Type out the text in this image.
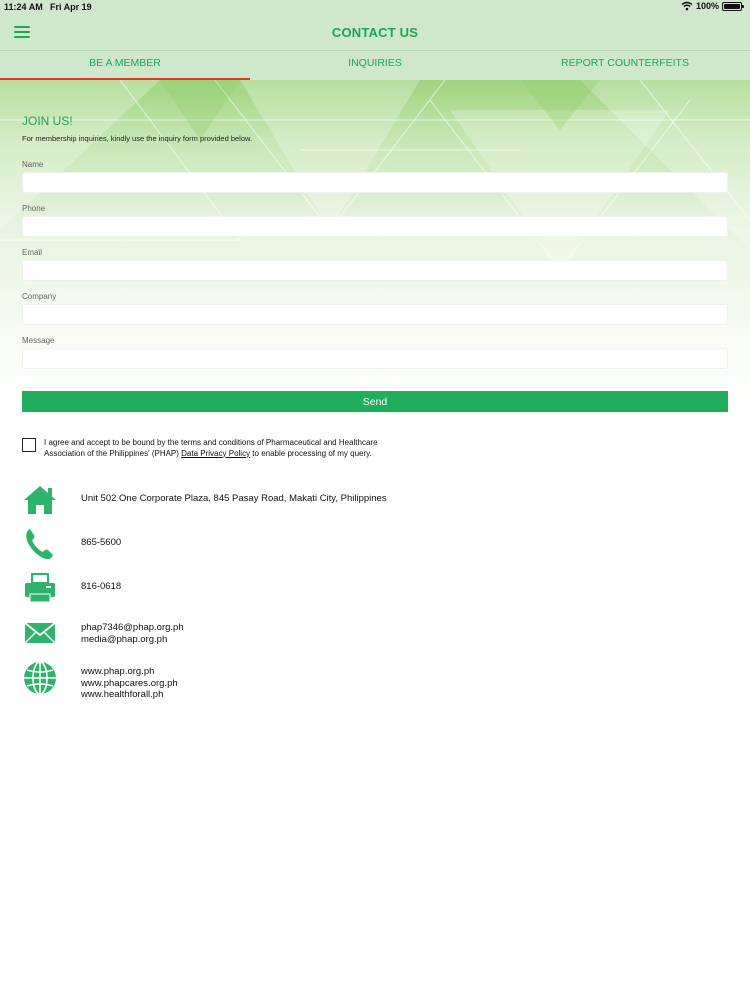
11:24 AM Fri Apr 19	100%
CONTACT US
BE A MEMBER	INQUIRIES	REPORT COUNTERFEITS
JOIN US!
For membership inquiries, kindly use the inquiry form provided below.
Name
Phone
Email
Company
Message
Send
I agree and accept to be bound by the terms and conditions of Pharmaceutical and Healthcare Association of the Philippines' (PHAP) Data Privacy Policy to enable processing of my query.
Unit 502 One Corporate Plaza, 845 Pasay Road, Makati City, Philippines
865-5600
816-0618
phap7346@phap.org.ph
media@phap.org.ph
www.phap.org.ph
www.phapcares.org.ph
www.healthforall.ph
